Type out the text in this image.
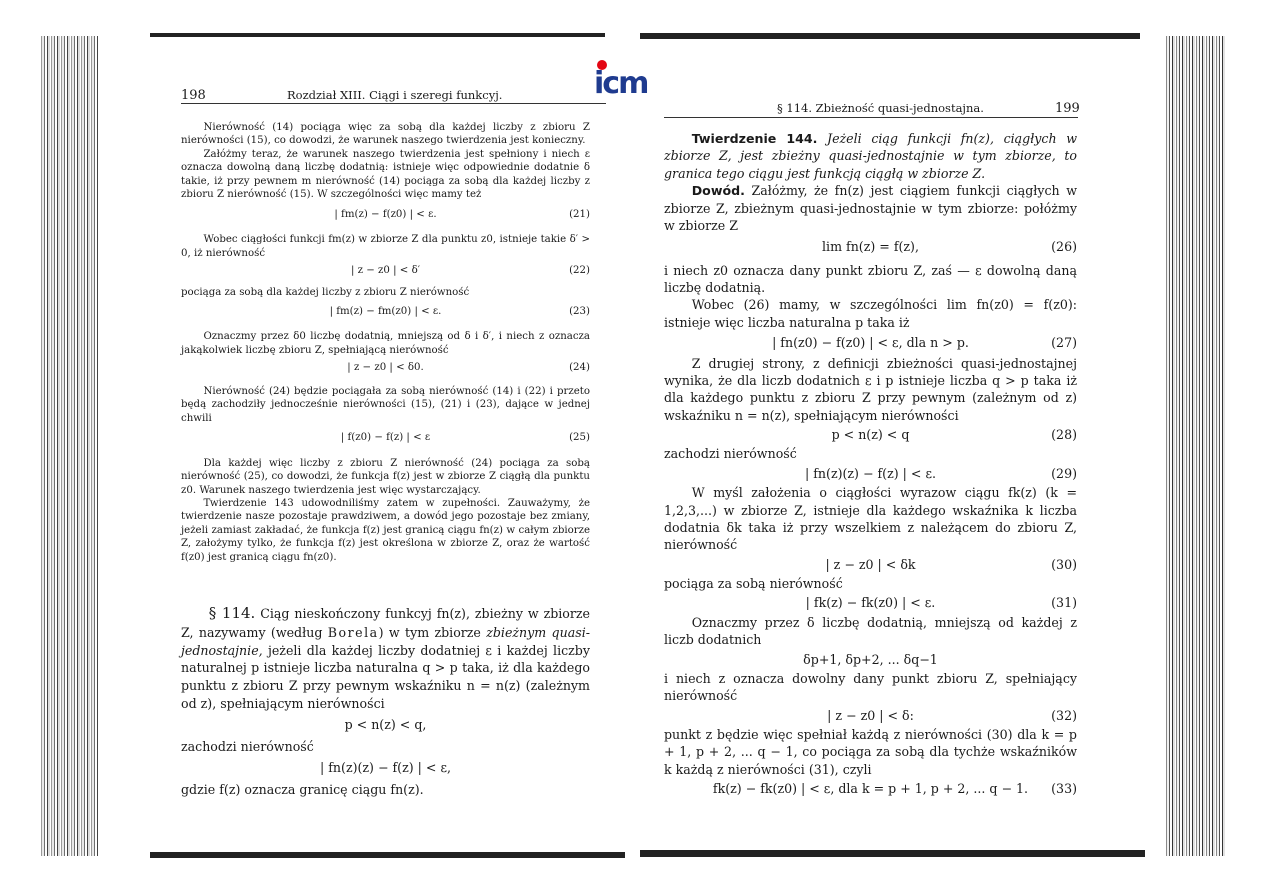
icm
198	Rozdział XIII. Ciągi i szeregi funkcyj.

Nierówność (14) pociąga więc za sobą dla każdej liczby z zbioru Z nierówności (15), co dowodzi, że warunek naszego twierdzenia jest konieczny.

Załóżmy teraz, że warunek naszego twierdzenia jest spełniony i niech ε oznacza dowolną daną liczbę dodatnią: istnieje więc odpowiednie dodatnie δ takie, iż przy pewnem m nierówność (14) pociąga za sobą dla każdej liczby z zbioru Z nierówność (15). W szczególności więc mamy też

| fm(z) − f(z0) | < ε.	(21)

Wobec ciągłości funkcji fm(z) w zbiorze Z dla punktu z0, istnieje takie δ′ > 0, iż nierówność

| z − z0 | < δ′	(22)

pociąga za sobą dla każdej liczby z zbioru Z nierówność

| fm(z) − fm(z0) | < ε.	(23)

Oznaczmy przez δ0 liczbę dodatnią, mniejszą od δ i δ′, i niech z oznacza jakąkolwiek liczbę zbioru Z, spełniającą nierówność

| z − z0 | < δ0.	(24)

Nierówność (24) będzie pociągała za sobą nierówność (14) i (22) i przeto będą zachodziły jednocześnie nierówności (15), (21) i (23), dające w jednej chwili

| f(z0) − f(z) | < ε	(25)

Dla każdej więc liczby z zbioru Z nierówność (24) pociąga za sobą nierówność (25), co dowodzi, że funkcja f(z) jest w zbiorze Z ciągłą dla punktu z0. Warunek naszego twierdzenia jest więc wystarczający.

Twierdzenie 143 udowodniliśmy zatem w zupełności. Zauważymy, że twierdzenie nasze pozostaje prawdziwem, a dowód jego pozostaje bez zmiany, jeżeli zamiast zakładać, że funkcja f(z) jest granicą ciągu fn(z) w całym zbiorze Z, założymy tylko, że funkcja f(z) jest określona w zbiorze Z, oraz że wartość f(z0) jest granicą ciągu fn(z0).

§ 114. Ciąg nieskończony funkcyj fn(z), zbieżny w zbiorze Z, nazywamy (według Borela) w tym zbiorze zbieżnym quasi-jednostajnie, jeżeli dla każdej liczby dodatniej ε i każdej liczby naturalnej p istnieje liczba naturalna q > p taka, iż dla każdego punktu z zbioru Z przy pewnym wskaźniku n = n(z) (zależnym od z), spełniającym nierówności

p < n(z) < q,

zachodzi nierówność

| fn(z)(z) − f(z) | < ε,

gdzie f(z) oznacza granicę ciągu fn(z).

§ 114. Zbieżność quasi-jednostajna.	199

Twierdzenie 144. Jeżeli ciąg funkcji fn(z), ciągłych w zbiorze Z, jest zbieżny quasi-jednostajnie w tym zbiorze, to granica tego ciągu jest funkcją ciągłą w zbiorze Z.

Dowód. Załóżmy, że fn(z) jest ciągiem funkcji ciągłych w zbiorze Z, zbieżnym quasi-jednostajnie w tym zbiorze: połóżmy w zbiorze Z

lim fn(z) = f(z),	(26)

i niech z0 oznacza dany punkt zbioru Z, zaś — ε dowolną daną liczbę dodatnią.

Wobec (26) mamy, w szczególności lim fn(z0) = f(z0): istnieje więc liczba naturalna p taka iż

| fn(z0) − f(z0) | < ε, dla n > p.	(27)

Z drugiej strony, z definicji zbieżności quasi-jednostajnej wynika, że dla liczb dodatnich ε i p istnieje liczba q > p taka iż dla każdego punktu z zbioru Z przy pewnym (zależnym od z) wskaźniku n = n(z), spełniającym nierówności

p < n(z) < q	(28)

zachodzi nierówność

| fn(z)(z) − f(z) | < ε.	(29)

W myśl założenia o ciągłości wyrazow ciągu fk(z) (k = 1,2,3,...) w zbiorze Z, istnieje dla każdego wskaźnika k liczba dodatnia δk taka iż przy wszelkiem z należącem do zbioru Z, nierówność

| z − z0 | < δk	(30)

pociąga za sobą nierówność

| fk(z) − fk(z0) | < ε.	(31)

Oznaczmy przez δ liczbę dodatnią, mniejszą od każdej z liczb dodatnich

δp+1, δp+2, ... δq−1

i niech z oznacza dowolny dany punkt zbioru Z, spełniający nierówność

| z − z0 | < δ:	(32)

punkt z będzie więc spełniał każdą z nierówności (30) dla k = p + 1, p + 2, ... q − 1, co pociąga za sobą dla tychże wskaźników k każdą z nierówności (31), czyli

fk(z) − fk(z0) | < ε, dla k = p + 1, p + 2, ... q − 1. (33)
